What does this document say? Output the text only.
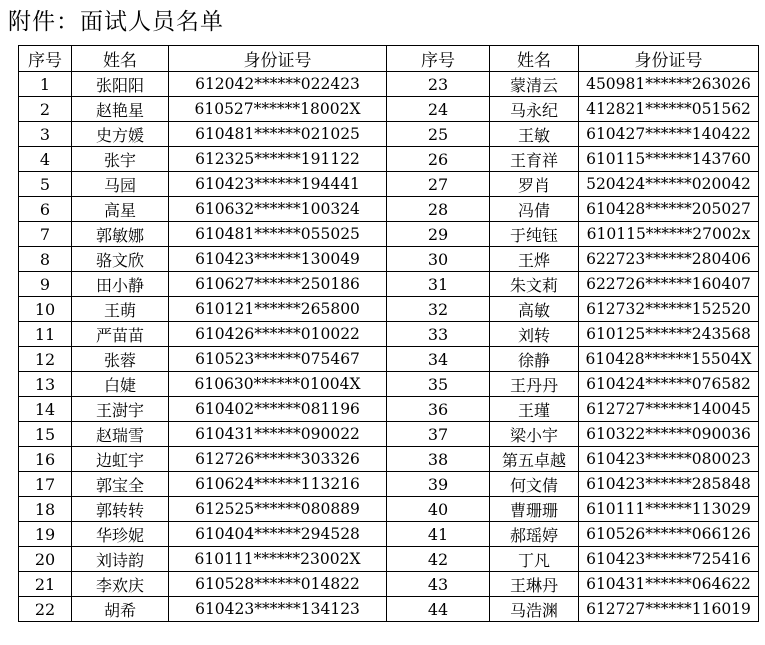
附件：面试人员名单
序号	姓名	身份证号	序号	姓名	身份证号
1	张阳阳	612042******022423	23	蒙清云	450981******263026
2	赵艳星	610527******18002X	24	马永纪	412821******051562
3	史方媛	610481******021025	25	王敏	610427******140422
4	张宇	612325******191122	26	王育祥	610115******143760
5	马园	610423******194441	27	罗肖	520424******020042
6	高星	610632******100324	28	冯倩	610428******205027
7	郭敏娜	610481******055025	29	于纯钰	610115******27002x
8	骆文欣	610423******130049	30	王烨	622723******280406
9	田小静	610627******250186	31	朱文莉	622726******160407
10	王萌	610121******265800	32	高敏	612732******152520
11	严苗苗	610426******010022	33	刘转	610125******243568
12	张蓉	610523******075467	34	徐静	610428******15504X
13	白婕	610630******01004X	35	王丹丹	610424******076582
14	王澍宇	610402******081196	36	王瑾	612727******140045
15	赵瑞雪	610431******090022	37	梁小宇	610322******090036
16	边虹宇	612726******303326	38	第五卓越	610423******080023
17	郭宝全	610624******113216	39	何文倩	610423******285848
18	郭转转	612525******080889	40	曹珊珊	610111******113029
19	华珍妮	610404******294528	41	郝瑶婷	610526******066126
20	刘诗韵	610111******23002X	42	丁凡	610423******725416
21	李欢庆	610528******014822	43	王琳丹	610431******064622
22	胡希	610423******134123	44	马浩渊	612727******116019
